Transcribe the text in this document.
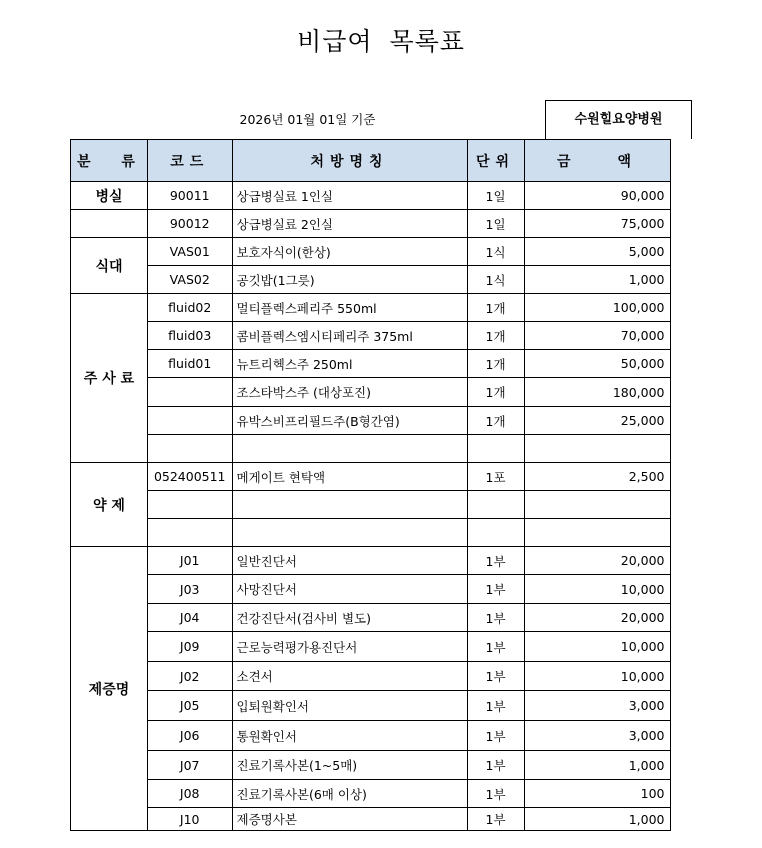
비급여 목록표
2026년 01월 01일 기준	수원힐요양병원
분 류	코드	처방명칭	단위	금 액
병실	90011	상급병실료 1인실	1일	90,000
	90012	상급병실료 2인실	1일	75,000
식대	VAS01	보호자식이(한상)	1식	5,000
	VAS02	공깃밥(1그릇)	1식	1,000
주 사 료	fluid02	멀티플렉스페리주 550ml	1개	100,000
	fluid03	콤비플렉스엠시티페리주 375ml	1개	70,000
	fluid01	뉴트리헥스주 250ml	1개	50,000
		조스타박스주 (대상포진)	1개	180,000
		유박스비프리필드주(B형간염)	1개	25,000

약 제	052400511	메게이트 현탁액	1포	2,500

제증명	J01	일반진단서	1부	20,000
	J03	사망진단서	1부	10,000
	J04	건강진단서(검사비 별도)	1부	20,000
	J09	근로능력평가용진단서	1부	10,000
	J02	소견서	1부	10,000
	J05	입퇴원확인서	1부	3,000
	J06	통원확인서	1부	3,000
	J07	진료기록사본(1~5매)	1부	1,000
	J08	진료기록사본(6매 이상)	1부	100
	J10	제증명사본	1부	1,000
